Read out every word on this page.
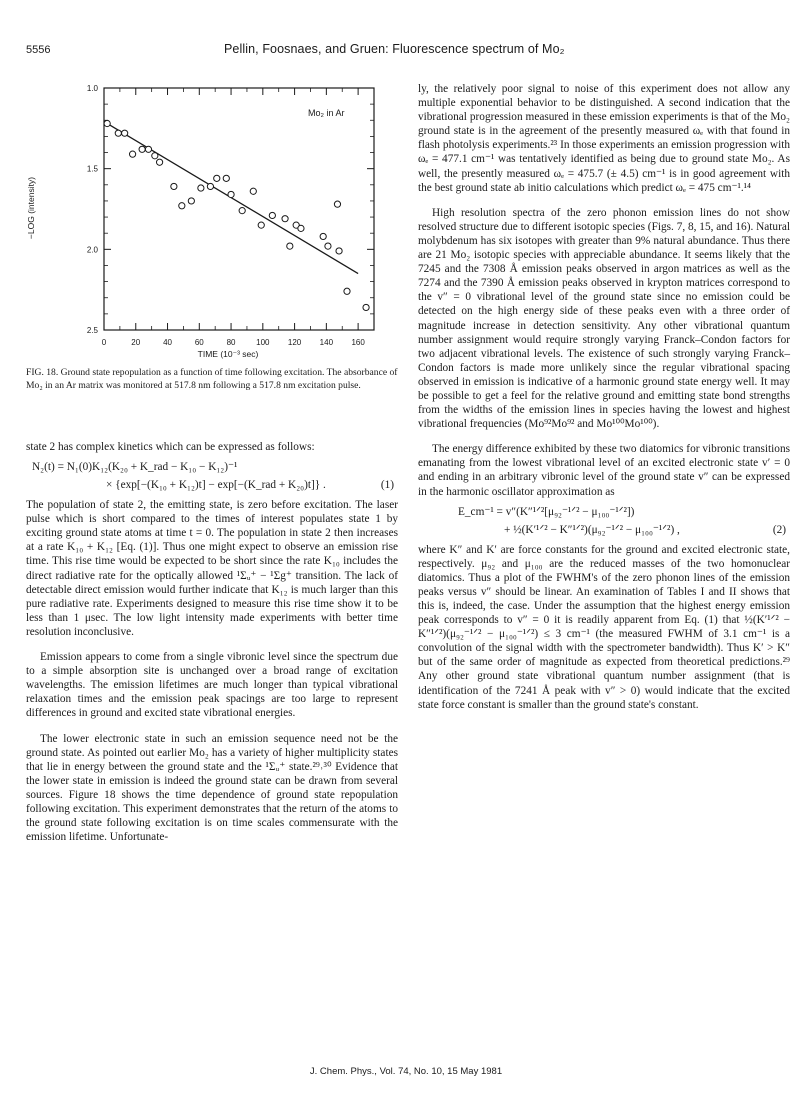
5556	Pellin, Foosnaes, and Gruen: Fluorescence spectrum of Mo₂
0	20	40	60	80	100 120 140 160
1.0
1.5
2.0
2.5
Mo₂ in Ar
TIME (10⁻³ sec)
−LOG (intensity)
FIG. 18. Ground state repopulation as a function of time following excitation. The absorbance of Mo₂ in an Ar matrix was monitored at 517.8 nm following a 517.8 nm excitation pulse.

state 2 has complex kinetics which can be expressed as follows:

N₂(t) = N₁(0)K₁₂(K₂₀ + K_rad − K₁₀ − K₁₂)⁻¹
× {exp[−(K₁₀ + K₁₂)t] − exp[−(K_rad + K₂₀)t]} .	(1)

The population of state 2, the emitting state, is zero before excitation. The laser pulse which is short compared to the times of interest populates state 1 by exciting ground state atoms at time t = 0. The population in state 2 then increases at a rate K₁₀ + K₁₂ [Eq. (1)]. Thus one might expect to observe an emission rise time. This rise time would be expected to be short since the rate K₁₀ includes the direct radiative rate for the optically allowed ¹Σᵤ⁺ − ¹Σg⁺ transition. The lack of detectable direct emission would further indicate that K₁₂ is much larger than this pure radiative rate. Experiments designed to measure this rise time show it to be less than 1 μsec. The low light intensity made experiments with better time resolution inconclusive.

Emission appears to come from a single vibronic level since the spectrum due to a simple absorption site is unchanged over a broad range of excitation wavelengths. The emission lifetimes are much longer than typical vibrational relaxation times and the emission peak spacings are too large to represent differences in ground and excited state vibrational energies.

The lower electronic state in such an emission sequence need not be the ground state. As pointed out earlier Mo₂ has a variety of higher multiplicity states that lie in energy between the ground state and the ¹Σᵤ⁺ state.²⁹˒³⁰ Evidence that the lower state in emission is indeed the ground state can be drawn from several sources. Figure 18 shows the time dependence of ground state repopulation following excitation. This experiment demonstrates that the return of the atoms to the ground state following excitation is on time scales commensurate with the emission lifetime. Unfortunate-

ly, the relatively poor signal to noise of this experiment does not allow any multiple exponential behavior to be distinguished. A second indication that the vibrational progression measured in these emission experiments is that of the Mo₂ ground state is in the agreement of the presently measured ωₑ with that found in flash photolysis experiments.²³ In those experiments an emission progression with ωₑ = 477.1 cm⁻¹ was tentatively identified as being due to ground state Mo₂. As well, the presently measured ωₑ = 475.7 (± 4.5) cm⁻¹ is in good agreement with the best ground state ab initio calculations which predict ωₑ = 475 cm⁻¹.¹⁴

High resolution spectra of the zero phonon emission lines do not show resolved structure due to different isotopic species (Figs. 7, 8, 15, and 16). Natural molybdenum has six isotopes with greater than 9% natural abundance. Thus there are 21 Mo₂ isotopic species with appreciable abundance. It seems likely that the 7245 and the 7308 Å emission peaks observed in argon matrices as well as the 7274 and the 7390 Å emission peaks observed in krypton matrices correspond to the v″ = 0 vibrational level of the ground state since no emission could be detected on the high energy side of these peaks even with a three order of magnitude increase in detection sensitivity. Any other vibrational quantum number assignment would require strongly varying Franck–Condon factors for two adjacent vibrational levels. The existence of such strongly varying Franck–Condon factors is made more unlikely since the regular vibrational spacing observed in emission is indicative of a harmonic ground state energy well. It may be possible to get a feel for the relative ground and emitting state bond strengths from the widths of the emission lines in species having the lowest and highest vibrational frequencies (Mo⁹²Mo⁹² and Mo¹⁰⁰Mo¹⁰⁰).

The energy difference exhibited by these two diatomics for vibronic transitions emanating from the lowest vibrational level of an excited electronic state v′ = 0 and ending in an arbitrary vibronic level of the ground state v″ can be expressed in the harmonic oscillator approximation as

E_cm⁻¹ = v″(K″¹ᐟ²[μ₉₂⁻¹ᐟ² − μ₁₀₀⁻¹ᐟ²])
+ ½(K′¹ᐟ² − K″¹ᐟ²)(μ₉₂⁻¹ᐟ² − μ₁₀₀⁻¹ᐟ²) ,	(2)

where K″ and K′ are force constants for the ground and excited electronic state, respectively. μ₉₂ and μ₁₀₀ are the reduced masses of the two homonuclear diatomics. Thus a plot of the FWHM's of the zero phonon lines of the emission peaks versus v″ should be linear. An examination of Tables I and II shows that this is, indeed, the case. Under the assumption that the highest energy emission peak corresponds to v″ = 0 it is readily apparent from Eq. (1) that ½(K′¹ᐟ² − K″¹ᐟ²)(μ₉₂⁻¹ᐟ² − μ₁₀₀⁻¹ᐟ²) ≤ 3 cm⁻¹ (the measured FWHM of 3.1 cm⁻¹ is a convolution of the signal width with the spectrometer bandwidth). Thus K′ > K″ but of the same order of magnitude as expected from theoretical predictions.²⁹ Any other ground state vibrational quantum number assignment (that is identification of the 7241 Å peak with v″ > 0) would indicate that the excited state force constant is smaller than the ground state's constant.

J. Chem. Phys., Vol. 74, No. 10, 15 May 1981
